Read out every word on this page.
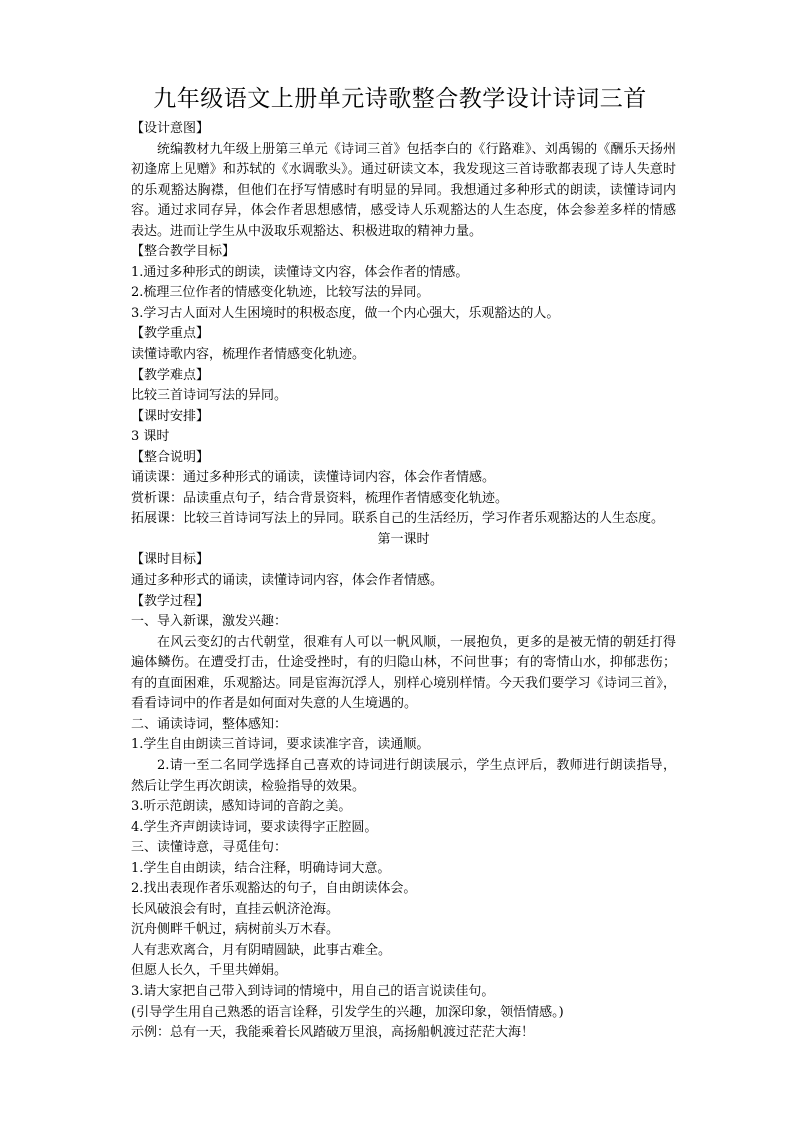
九年级语文上册单元诗歌整合教学设计诗词三首

【设计意图】

统编教材九年级上册第三单元《诗词三首》包括李白的《行路难》、刘禹锡的《酬乐天扬州初逢席上见赠》和苏轼的《水调歌头》。通过研读文本，我发现这三首诗歌都表现了诗人失意时的乐观豁达胸襟，但他们在抒写情感时有明显的异同。我想通过多种形式的朗读，读懂诗词内容。通过求同存异，体会作者思想感情，感受诗人乐观豁达的人生态度，体会参差多样的情感表达。进而让学生从中汲取乐观豁达、积极进取的精神力量。

【整合教学目标】

1.通过多种形式的朗读，读懂诗文内容，体会作者的情感。

2.梳理三位作者的情感变化轨迹，比较写法的异同。

3.学习古人面对人生困境时的积极态度，做一个内心强大，乐观豁达的人。

【教学重点】

读懂诗歌内容，梳理作者情感变化轨迹。

【教学难点】

比较三首诗词写法的异同。

【课时安排】

3 课时

【整合说明】

诵读课：通过多种形式的诵读，读懂诗词内容，体会作者情感。

赏析课：品读重点句子，结合背景资料，梳理作者情感变化轨迹。

拓展课：比较三首诗词写法上的异同。联系自己的生活经历，学习作者乐观豁达的人生态度。

第一课时

【课时目标】

通过多种形式的诵读，读懂诗词内容，体会作者情感。

【教学过程】

一、导入新课，激发兴趣：

在风云变幻的古代朝堂，很难有人可以一帆风顺，一展抱负，更多的是被无情的朝廷打得遍体鳞伤。在遭受打击，仕途受挫时，有的归隐山林，不问世事；有的寄情山水，抑郁悲伤；有的直面困难，乐观豁达。同是宦海沉浮人，别样心境别样情。今天我们要学习《诗词三首》，看看诗词中的作者是如何面对失意的人生境遇的。

二、诵读诗词，整体感知：

1.学生自由朗读三首诗词，要求读准字音，读通顺。

2.请一至二名同学选择自己喜欢的诗词进行朗读展示，学生点评后，教师进行朗读指导，然后让学生再次朗读，检验指导的效果。

3.听示范朗读，感知诗词的音韵之美。

4.学生齐声朗读诗词，要求读得字正腔圆。

三、读懂诗意，寻觅佳句：

1.学生自由朗读，结合注释，明确诗词大意。

2.找出表现作者乐观豁达的句子，自由朗读体会。

长风破浪会有时，直挂云帆济沧海。

沉舟侧畔千帆过，病树前头万木春。

人有悲欢离合，月有阴晴圆缺，此事古难全。

但愿人长久，千里共婵娟。

3.请大家把自己带入到诗词的情境中，用自己的语言说读佳句。

(引导学生用自己熟悉的语言诠释，引发学生的兴趣，加深印象，领悟情感。)

示例：总有一天，我能乘着长风踏破万里浪，高扬船帆渡过茫茫大海！
